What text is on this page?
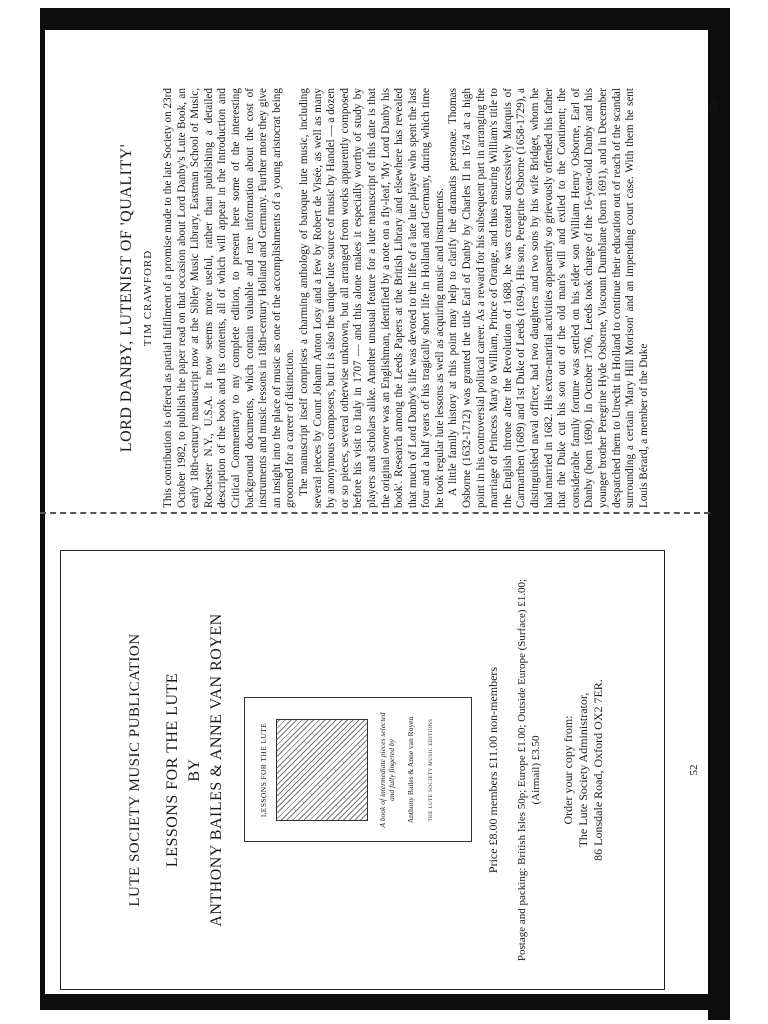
LORD DANBY, LUTENIST OF 'QUALITY' TIM CRAWFORD This contribution is offered as partial fulfilment of a promise made to the late Society on 23rd October 1982, to publish the paper read on that occasion about Lord Danby's Lute Book, an early 18th-century manuscript now at the Sibley Music Library, Eastman School of Music, Rochester N.Y., U.S.A. It now seems more useful, rather than publishing a detailed description of the book and its contents, all of which will appear in the Introduction and Critical Commentary to my complete edition, to present here some of the interesting background documents, which contain valuable and rare information about the cost of instruments and music lessons in 18th-century Holland and Germany. Further more they give an insight into the place of music as one of the accomplishments of a young aristocrat being groomed for a career of distinction. The manuscript itself comprises a charming anthology of baroque lute music, including several pieces by Count Johann Anton Losy and a few by Robert de Visée, as well as many by anonymous composers, but it is also the unique lute source of music by Handel — a dozen or so pieces, several otherwise unknown, but all arranged from works apparently composed before his visit to Italy in 1707 — and this alone makes it especially worthy of study by players and scholars alike. Another unusual feature for a lute manuscript of this date is that the original owner was an Englishman, identified by a note on a fly-leaf, 'My Lord Danby his book'. Research among the Leeds Papers at the British Library and elsewhere has revealed that much of Lord Danby's life was devoted to the life of a late lute player who spent the last four and a half years of his tragically short life in Holland and Germany, during which time he took regular lute lessons as well as acquiring music and instruments. A little family history at this point may help to clarify the dramatis personae. Thomas Osborne (1632-1712) was granted the title Earl of Danby by Charles II in 1674 at a high point in his controversial political career. As a reward for his subsequent part in arranging the marriage of Princess Mary to William, Prince of Orange, and thus ensuring William's title to the English throne after the Revolution of 1688, he was created successively Marquis of Carmarthen (1689) and 1st Duke of Leeds (1694). His son, Peregrine Osborne (1658-1729), a distinguished naval officer, had two daughters and two sons by his wife Bridget, whom he had married in 1682. His extra-marital activities apparently so grievously offended his father that the Duke cut his son out of the old man's will and exiled to the Continent; the considerable family fortune was settled on his elder son William Henry Osborne, Earl of Danby (born 1690). In October 1706, Leeds took charge of the 16-year-old Danby and his younger brother Peregrine Hyde Osborne, Viscount Dumblane (born 1691), and in December despatched them to Utrecht in Holland to continue their education out of reach of the scandal surrounding a certain 'Mary Hill Morison' and an impending court case. With them he sent Louis Bérard, a member of the Duke

53
LUTE SOCIETY MUSIC PUBLICATION LESSONS FOR THE LUTE BY ANTHONY BAILES & ANNE VAN ROYEN	LESSONS FOR THE LUTE	A book of intermediate pieces selected and fully fingered by Anthony Bailes & Anne van Royen	THE LUTE SOCIETY MUSIC EDITIONS	Price £8.00 members £11.00 non-members Postage and packing: British Isles 50p; Europe £1.00; Outside Europe (Surface) £1.00; (Airmail) £3.50 Order your copy from: The Lute Society Administrator, 86 Lonsdale Road, Oxford OX2 7ER.	52
